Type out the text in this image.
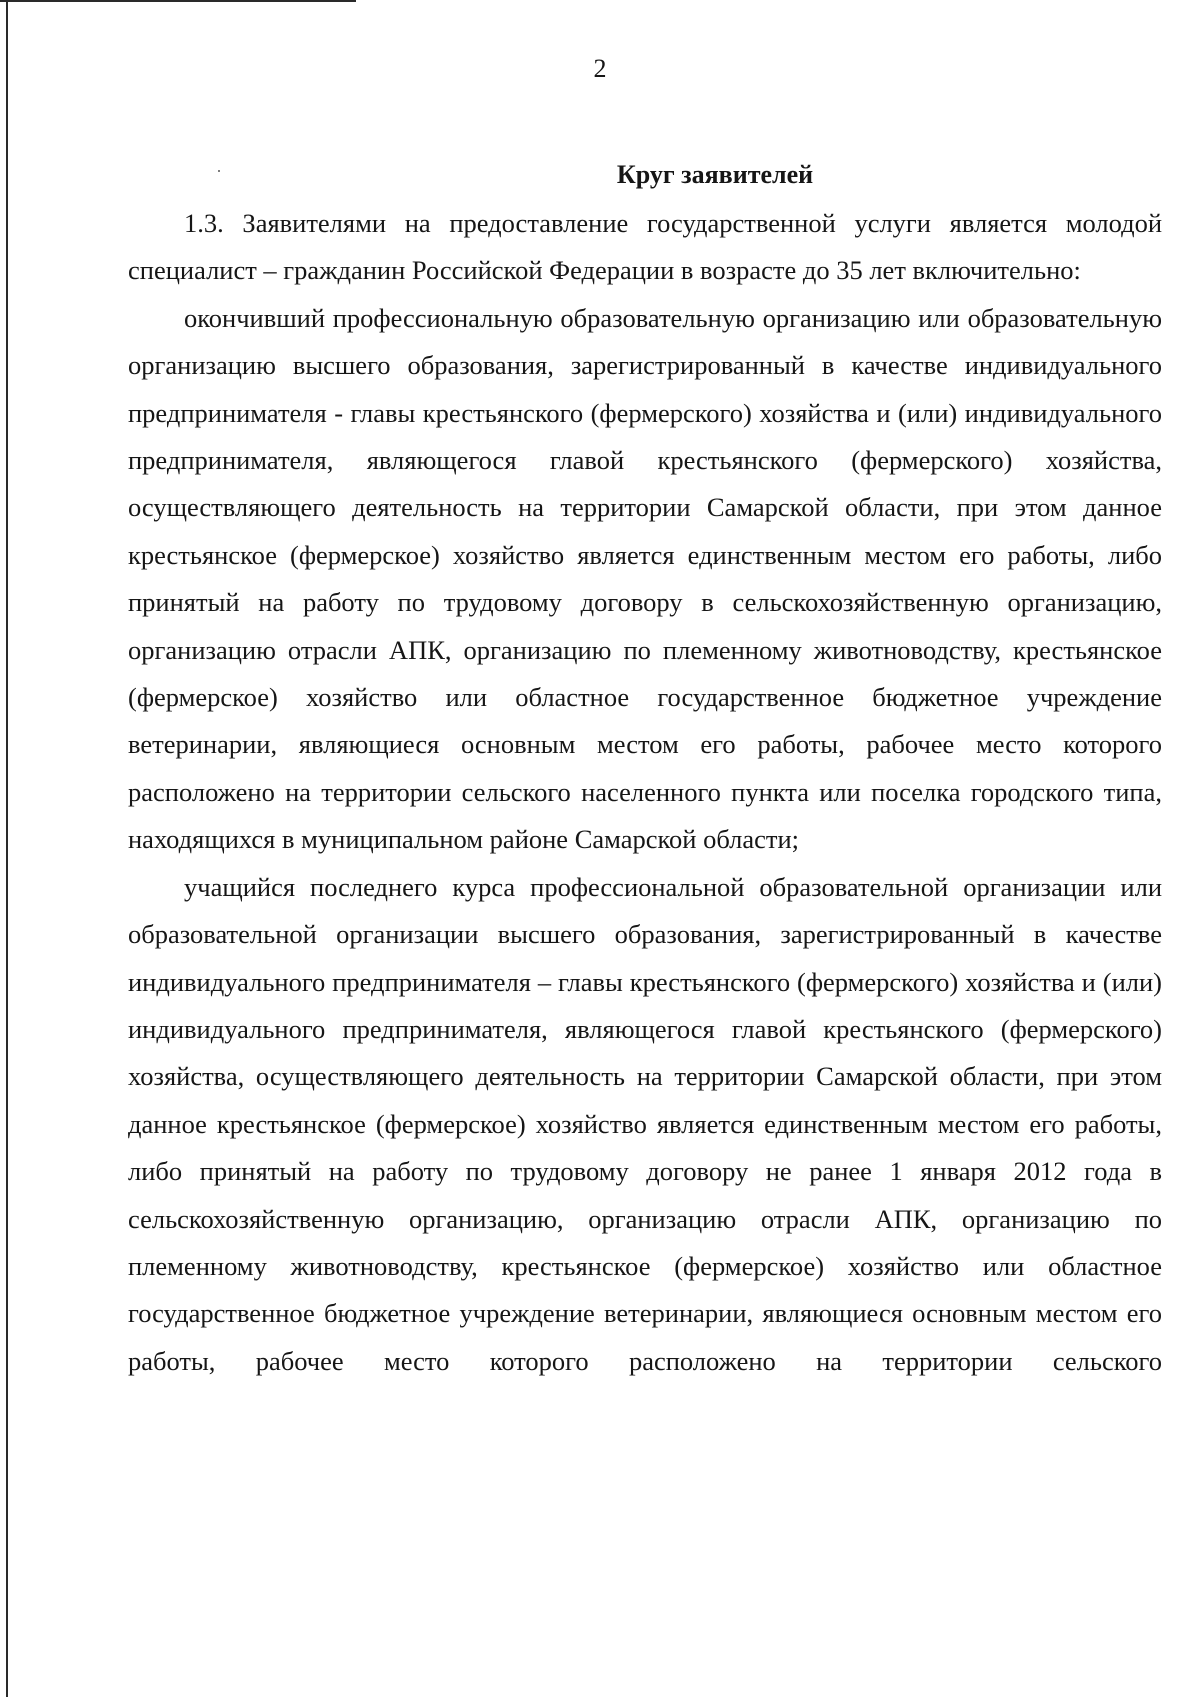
2
Круг заявителей

1.3. Заявителями на предоставление государственной услуги является молодой специалист – гражданин Российской Федерации в возрасте до 35 лет включительно:

окончивший профессиональную образовательную организацию или образовательную организацию высшего образования, зарегистрированный в качестве индивидуального предпринимателя - главы крестьянского (фермерского) хозяйства и (или) индивидуального предпринимателя, являющегося главой крестьянского (фермерского) хозяйства, осуществляющего деятельность на территории Самарской области, при этом данное крестьянское (фермерское) хозяйство является единственным местом его работы, либо принятый на работу по трудовому договору в сельскохозяйственную организацию, организацию отрасли АПК, организацию по племенному животноводству, крестьянское (фермерское) хозяйство или областное государственное бюджетное учреждение ветеринарии, являющиеся основным местом его работы, рабочее место которого расположено на территории сельского населенного пункта или поселка городского типа, находящихся в муниципальном районе Самарской области;

учащийся последнего курса профессиональной образовательной организации или образовательной организации высшего образования, зарегистрированный в качестве индивидуального предпринимателя – главы крестьянского (фермерского) хозяйства и (или) индивидуального предпринимателя, являющегося главой крестьянского (фермерского) хозяйства, осуществляющего деятельность на территории Самарской области, при этом данное крестьянское (фермерское) хозяйство является единственным местом его работы, либо принятый на работу по трудовому договору не ранее 1 января 2012 года в сельскохозяйственную организацию, организацию отрасли АПК, организацию по племенному животноводству, крестьянское (фермерское) хозяйство или областное государственное бюджетное учреждение ветеринарии, являющиеся основным местом его работы, рабочее место которого расположено на территории сельского
